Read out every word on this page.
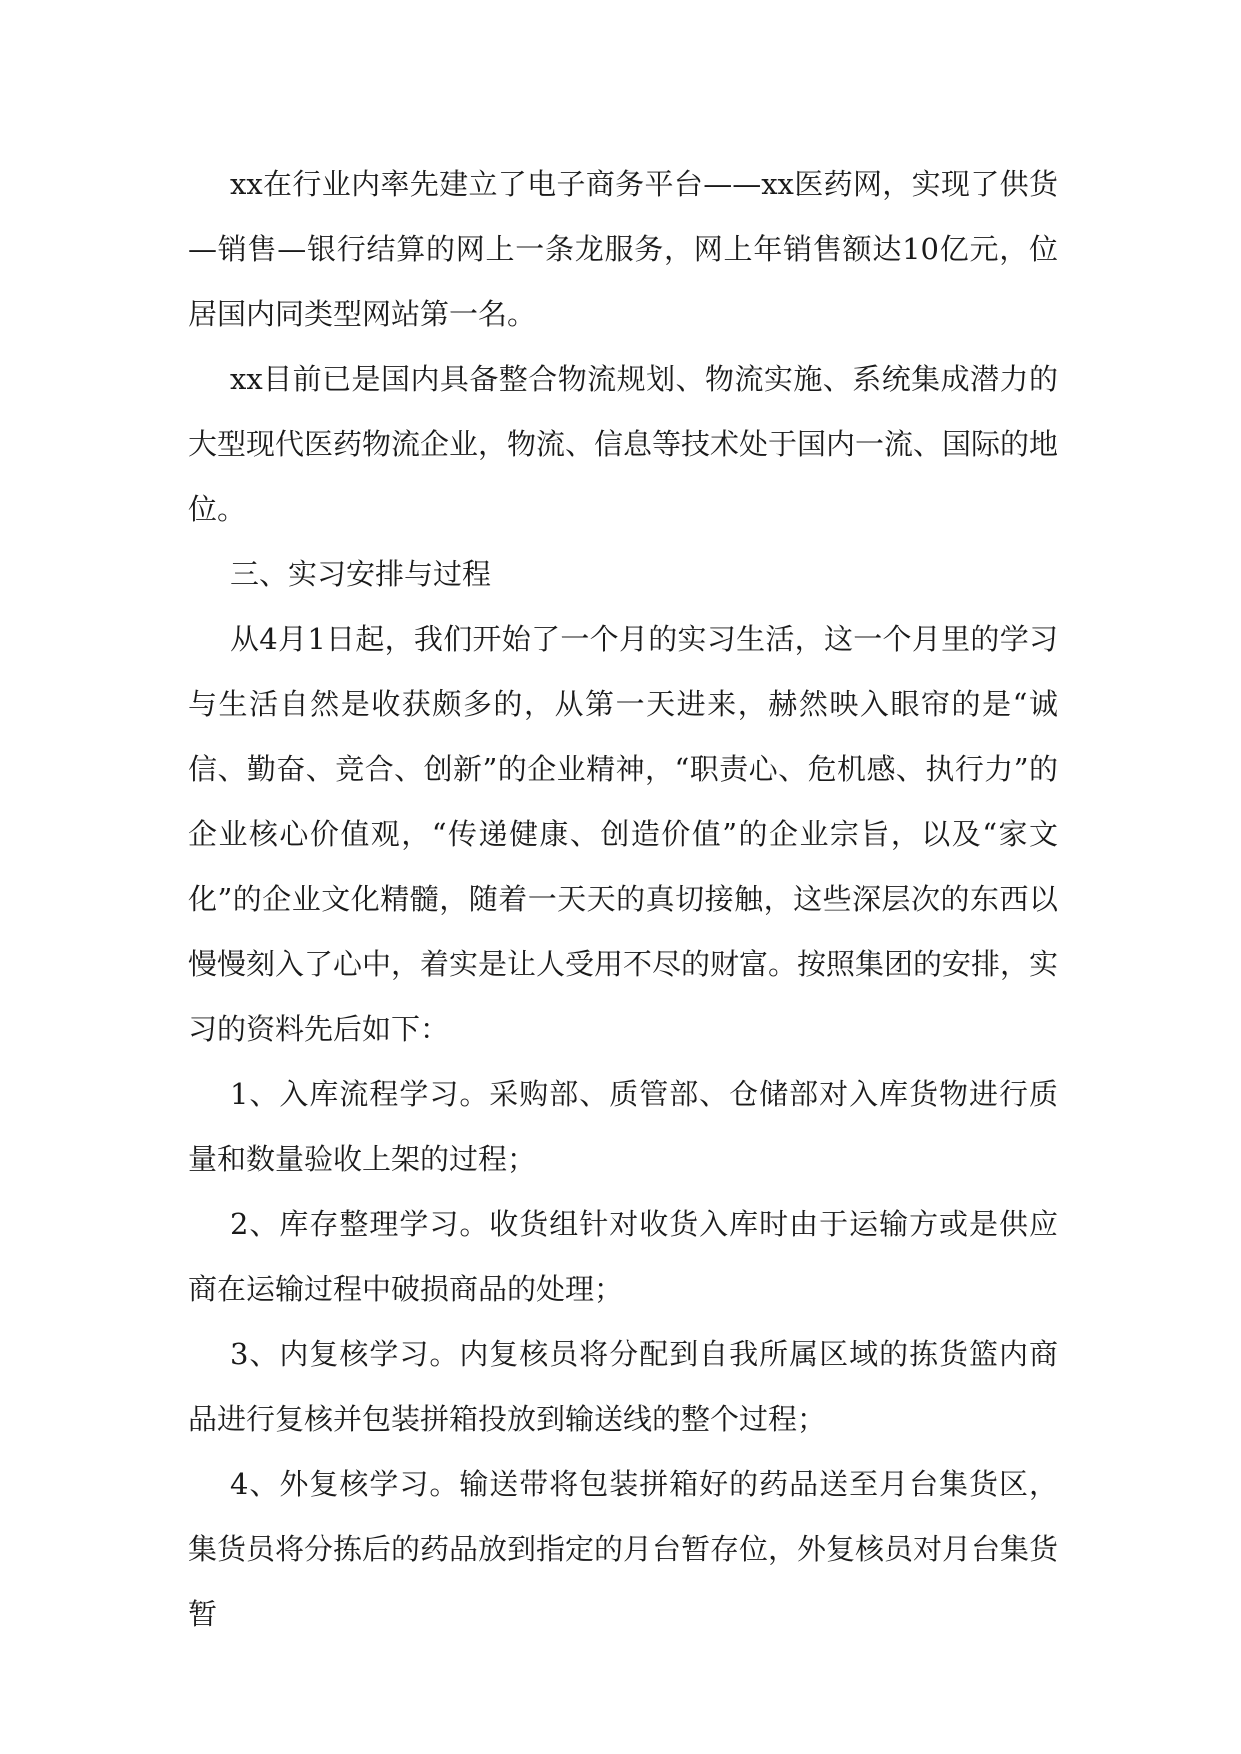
xx在行业内率先建立了电子商务平台——xx医药网，实现了供货—销售—银行结算的网上一条龙服务，网上年销售额达10亿元，位居国内同类型网站第一名。

xx目前已是国内具备整合物流规划、物流实施、系统集成潜力的大型现代医药物流企业，物流、信息等技术处于国内一流、国际的地位。

三、实习安排与过程

从4月1日起，我们开始了一个月的实习生活，这一个月里的学习与生活自然是收获颇多的，从第一天进来，赫然映入眼帘的是“诚信、勤奋、竞合、创新”的企业精神，“职责心、危机感、执行力”的企业核心价值观，“传递健康、创造价值”的企业宗旨，以及“家文化”的企业文化精髓，随着一天天的真切接触，这些深层次的东西以慢慢刻入了心中，着实是让人受用不尽的财富。按照集团的安排，实习的资料先后如下：

1、入库流程学习。采购部、质管部、仓储部对入库货物进行质量和数量验收上架的过程；

2、库存整理学习。收货组针对收货入库时由于运输方或是供应商在运输过程中破损商品的处理；

3、内复核学习。内复核员将分配到自我所属区域的拣货篮内商品进行复核并包装拼箱投放到输送线的整个过程；

4、外复核学习。输送带将包装拼箱好的药品送至月台集货区，集货员将分拣后的药品放到指定的月台暂存位，外复核员对月台集货暂
